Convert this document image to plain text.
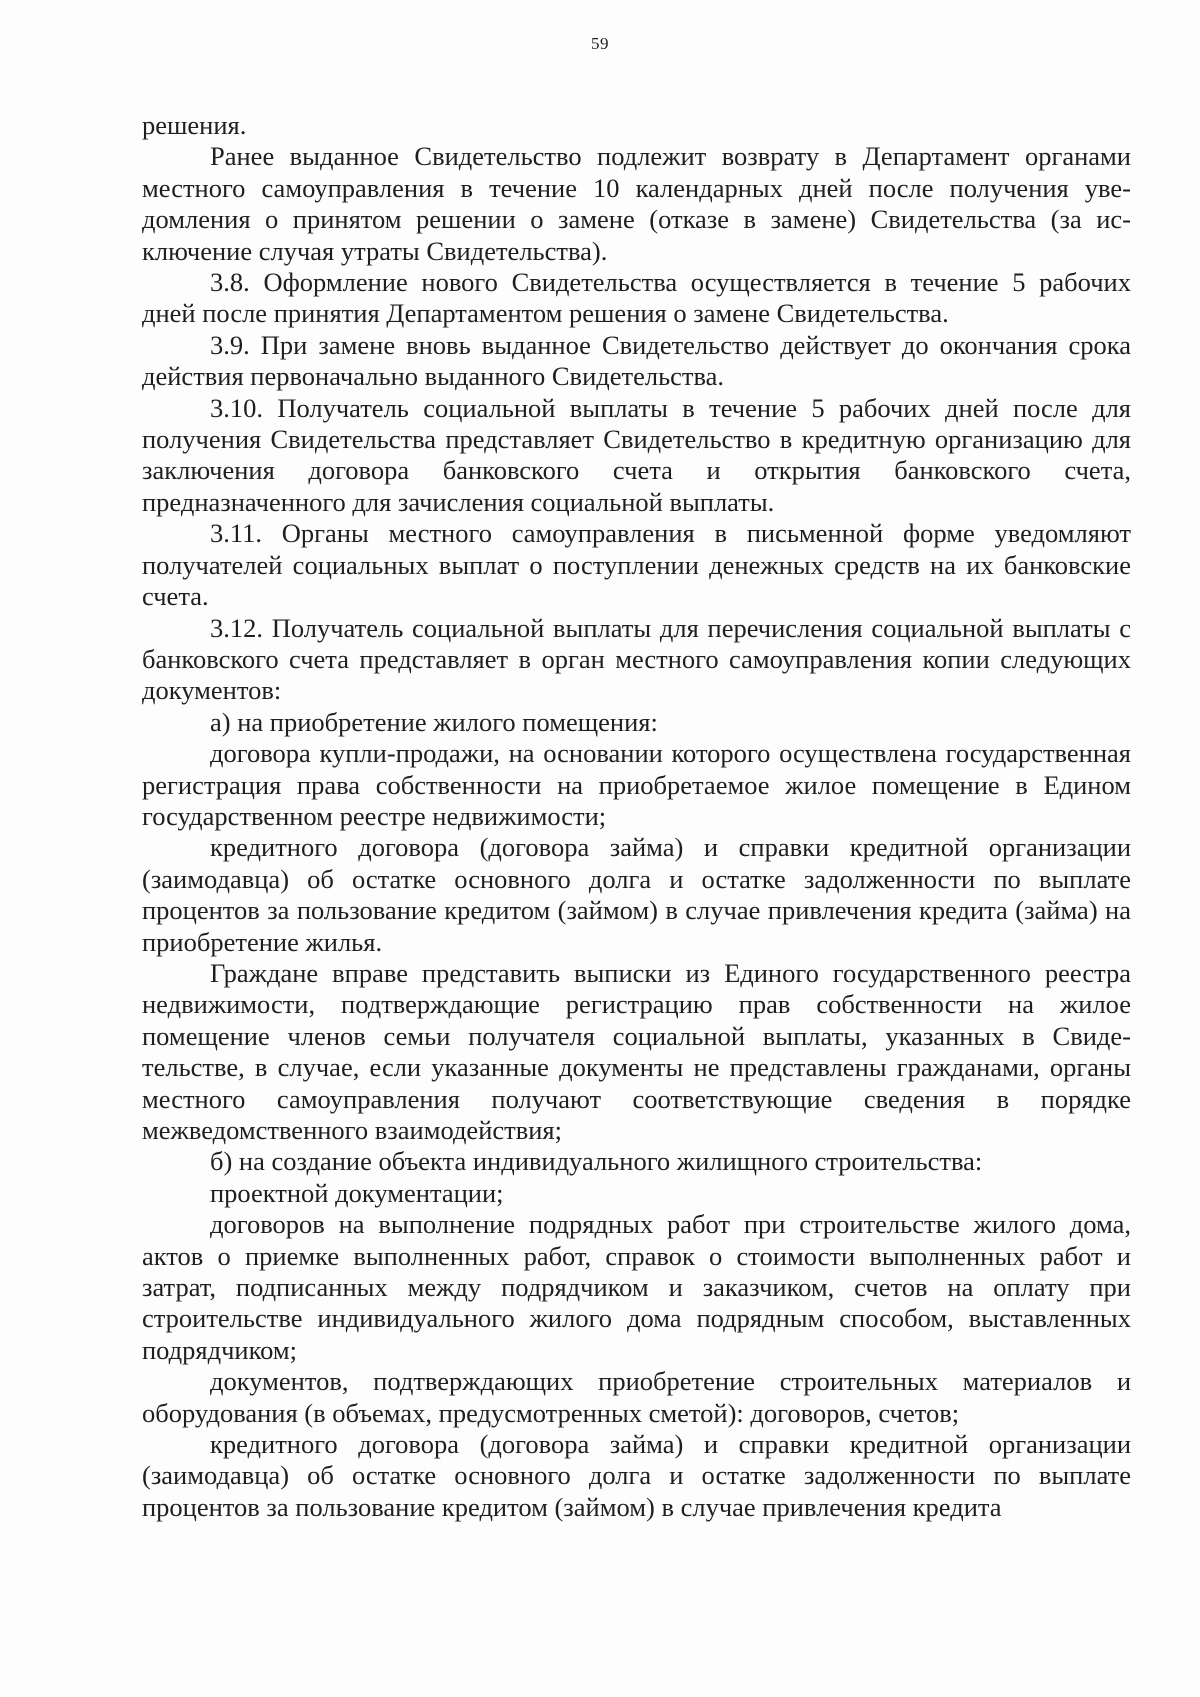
59

решения.

Ранее выданное Свидетельство подлежит возврату в Департамент органами местного самоуправления в течение 10 календарных дней после получения уведомления о принятом решении о замене (отказе в замене) Свидетельства (за исключение случая утраты Свидетельства).

3.8. Оформление нового Свидетельства осуществляется в течение 5 рабочих дней после принятия Департаментом решения о замене Свидетельства.

3.9. При замене вновь выданное Свидетельство действует до окончания срока действия первоначально выданного Свидетельства.

3.10. Получатель социальной выплаты в течение 5 рабочих дней после для получения Свидетельства представляет Свидетельство в кредитную организацию для заключения договора банковского счета и открытия банковского счета, предназначенного для зачисления социальной выплаты.

3.11. Органы местного самоуправления в письменной форме уведомляют получателей социальных выплат о поступлении денежных средств на их банковские счета.

3.12. Получатель социальной выплаты для перечисления социальной выплаты с банковского счета представляет в орган местного самоуправления копии следующих документов:

а) на приобретение жилого помещения:

договора купли-продажи, на основании которого осуществлена государственная регистрация права собственности на приобретаемое жилое помещение в Едином государственном реестре недвижимости;

кредитного договора (договора займа) и справки кредитной организации (заимодавца) об остатке основного долга и остатке задолженности по выплате процентов за пользование кредитом (займом) в случае привлечения кредита (займа) на приобретение жилья.

Граждане вправе представить выписки из Единого государственного реестра недвижимости, подтверждающие регистрацию прав собственности на жилое помещение членов семьи получателя социальной выплаты, указанных в Свидетельстве, в случае, если указанные документы не представлены гражданами, органы местного самоуправления получают соответствующие сведения в порядке межведомственного взаимодействия;

б) на создание объекта индивидуального жилищного строительства:

проектной документации;

договоров на выполнение подрядных работ при строительстве жилого дома, актов о приемке выполненных работ, справок о стоимости выполненных работ и затрат, подписанных между подрядчиком и заказчиком, счетов на оплату при строительстве индивидуального жилого дома подрядным способом, выставленных подрядчиком;

документов, подтверждающих приобретение строительных материалов и оборудования (в объемах, предусмотренных сметой): договоров, счетов;

кредитного договора (договора займа) и справки кредитной организации (заимодавца) об остатке основного долга и остатке задолженности по выплате процентов за пользование кредитом (займом) в случае привлечения кредита
